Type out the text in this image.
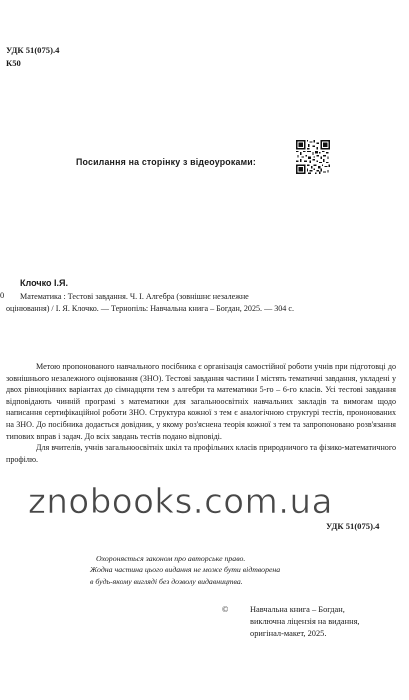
УДК 51(075).4
К50
Посилання на сторінку з відеоуроками:
Клочко І.Я.
0	Математика : Тестові завдання. Ч. І. Алгебра (зовнішнє незалежне
оцінювання) / І. Я. Клочко. — Тернопіль: Навчальна книга – Богдан, 2025. — 304 с.

Метою пропонованого навчального посібника є організація самостійної роботи учнів при підготовці до зовнішнього незалежного оцінювання (ЗНО). Тестові завдання частини І містять тематичні завдання, укладені у двох рівноцінних варіантах до сімнадцяти тем з алгебри та математики 5-го – 6-го класів. Усі тестові завдання відповідають чинній програмі з математики для загальноосвітніх навчальних закладів та вимогам щодо написання сертифікаційної роботи ЗНО. Структура кожної з тем є аналогічною структурі тестів, прононованих на ЗНО. До посібника додається довідник, у якому роз'яснена теорія кожної з тем та запропоновано розв'язання типових вправ і задач. До всіх завдань тестів подано відповіді.

Для вчителів, учнів загальноосвітніх шкіл та профільних класів природничого та фізико-математичного профілю.

znobooks.com.ua
УДК 51(075).4
Охороняється законом про авторське право.
Жодна частина цього видання не може бути відтворена
в будь-якому вигляді без дозволу видавництва.
©	Навчальна книга – Богдан,
виключна ліцензія на видання,
оригінал-макет, 2025.
